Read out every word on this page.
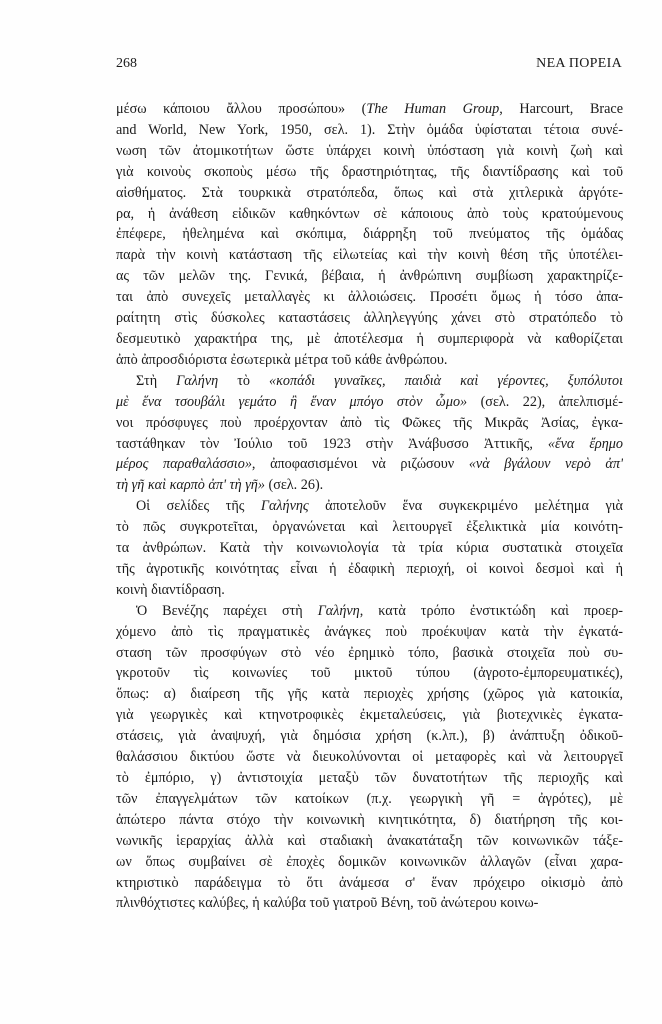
268	ΝΕΑ ΠΟΡΕΙΑ

μέσω κάποιου ἄλλου προσώπου» (The Human Group, Harcourt, Brace
and World, New York, 1950, σελ. 1). Στὴν ὁμάδα ὑφίσταται τέτοια συνέ-
νωση τῶν ἀτομικοτήτων ὥστε ὑπάρχει κοινὴ ὑπόσταση γιὰ κοινὴ ζωὴ καὶ
γιὰ κοινοὺς σκοποὺς μέσω τῆς δραστηριότητας, τῆς διαντίδρασης καὶ τοῦ
αἰσθήματος. Στὰ τουρκικὰ στρατόπεδα, ὅπως καὶ στὰ χιτλερικὰ ἀργότε-
ρα, ἡ ἀνάθεση εἰδικῶν καθηκόντων σὲ κάποιους ἀπὸ τοὺς κρατούμενους
ἐπέφερε, ἠθελημένα καὶ σκόπιμα, διάρρηξη τοῦ πνεύματος τῆς ὁμάδας
παρὰ τὴν κοινὴ κατάσταση τῆς εἱλωτείας καὶ τὴν κοινὴ θέση τῆς ὑποτέλει-
ας τῶν μελῶν της. Γενικά, βέβαια, ἡ ἀνθρώπινη συμβίωση χαρακτηρίζε-
ται ἀπὸ συνεχεῖς μεταλλαγὲς κι ἀλλοιώσεις. Προσέτι ὅμως ἡ τόσο ἀπα-
ραίτητη στὶς δύσκολες καταστάσεις ἀλληλεγγύης χάνει στὸ στρατόπεδο τὸ
δεσμευτικὸ χαρακτήρα της, μὲ ἀποτέλεσμα ἡ συμπεριφορὰ νὰ καθορίζεται
ἀπὸ ἀπροσδιόριστα ἐσωτερικὰ μέτρα τοῦ κάθε ἀνθρώπου.

Στὴ Γαλήνη τὸ «κοπάδι γυναῖκες, παιδιὰ καὶ γέροντες, ξυπόλυτοι
μὲ ἕνα τσουβάλι γεμάτο ἢ ἕναν μπόγο στὸν ὦμο» (σελ. 22), ἀπελπισμέ-
νοι πρόσφυγες ποὺ προέρχονταν ἀπὸ τὶς Φῶκες τῆς Μικρᾶς Ἀσίας, ἐγκα-
ταστάθηκαν τὸν Ἰούλιο τοῦ 1923 στὴν Ἀνάβυσσο Ἀττικῆς, «ἕνα ἔρημο
μέρος παραθαλάσσιο», ἀποφασισμένοι νὰ ριζώσουν «νὰ βγάλουν νερὸ ἀπ'
τὴ γῆ καὶ καρπὸ ἀπ' τὴ γῆ» (σελ. 26).

Οἱ σελίδες τῆς Γαλήνης ἀποτελοῦν ἕνα συγκεκριμένο μελέτημα γιὰ
τὸ πῶς συγκροτεῖται, ὀργανώνεται καὶ λειτουργεῖ ἐξελικτικὰ μία κοινότη-
τα ἀνθρώπων. Κατὰ τὴν κοινωνιολογία τὰ τρία κύρια συστατικὰ στοιχεῖα
τῆς ἀγροτικῆς κοινότητας εἶναι ἡ ἐδαφικὴ περιοχή, οἱ κοινοὶ δεσμοὶ καὶ ἡ
κοινὴ διαντίδραση.

Ὁ Βενέζης παρέχει στὴ Γαλήνη, κατὰ τρόπο ἐνστικτώδη καὶ προερ-
χόμενο ἀπὸ τὶς πραγματικὲς ἀνάγκες ποὺ προέκυψαν κατὰ τὴν ἐγκατά-
σταση τῶν προσφύγων στὸ νέο ἐρημικὸ τόπο, βασικὰ στοιχεῖα ποὺ συ-
γκροτοῦν τὶς κοινωνίες τοῦ μικτοῦ τύπου (ἀγροτο-ἐμπορευματικές),
ὅπως: α) διαίρεση τῆς γῆς κατὰ περιοχὲς χρήσης (χῶρος γιὰ κατοικία,
γιὰ γεωργικὲς καὶ κτηνοτροφικὲς ἐκμεταλεύσεις, γιὰ βιοτεχνικὲς ἐγκατα-
στάσεις, γιὰ ἀναψυχή, γιὰ δημόσια χρήση (κ.λπ.), β) ἀνάπτυξη ὀδικοῦ-
θαλάσσιου δικτύου ὥστε νὰ διευκολύνονται οἱ μεταφορὲς καὶ νὰ λειτουργεῖ
τὸ ἐμπόριο, γ) ἀντιστοιχία μεταξὺ τῶν δυνατοτήτων τῆς περιοχῆς καὶ
τῶν ἐπαγγελμάτων τῶν κατοίκων (π.χ. γεωργικὴ γῆ = ἀγρότες), μὲ
ἀπώτερο πάντα στόχο τὴν κοινωνικὴ κινητικότητα, δ) διατήρηση τῆς κοι-
νωνικῆς ἱεραρχίας ἀλλὰ καὶ σταδιακὴ ἀνακατάταξη τῶν κοινωνικῶν τάξε-
ων ὅπως συμβαίνει σὲ ἐποχὲς δομικῶν κοινωνικῶν ἀλλαγῶν (εἶναι χαρα-
κτηριστικὸ παράδειγμα τὸ ὅτι ἀνάμεσα σ' ἕναν πρόχειρο οἰκισμὸ ἀπὸ
πλινθόχτιστες καλύβες, ἡ καλύβα τοῦ γιατροῦ Βένη, τοῦ ἀνώτερου κοινω-
